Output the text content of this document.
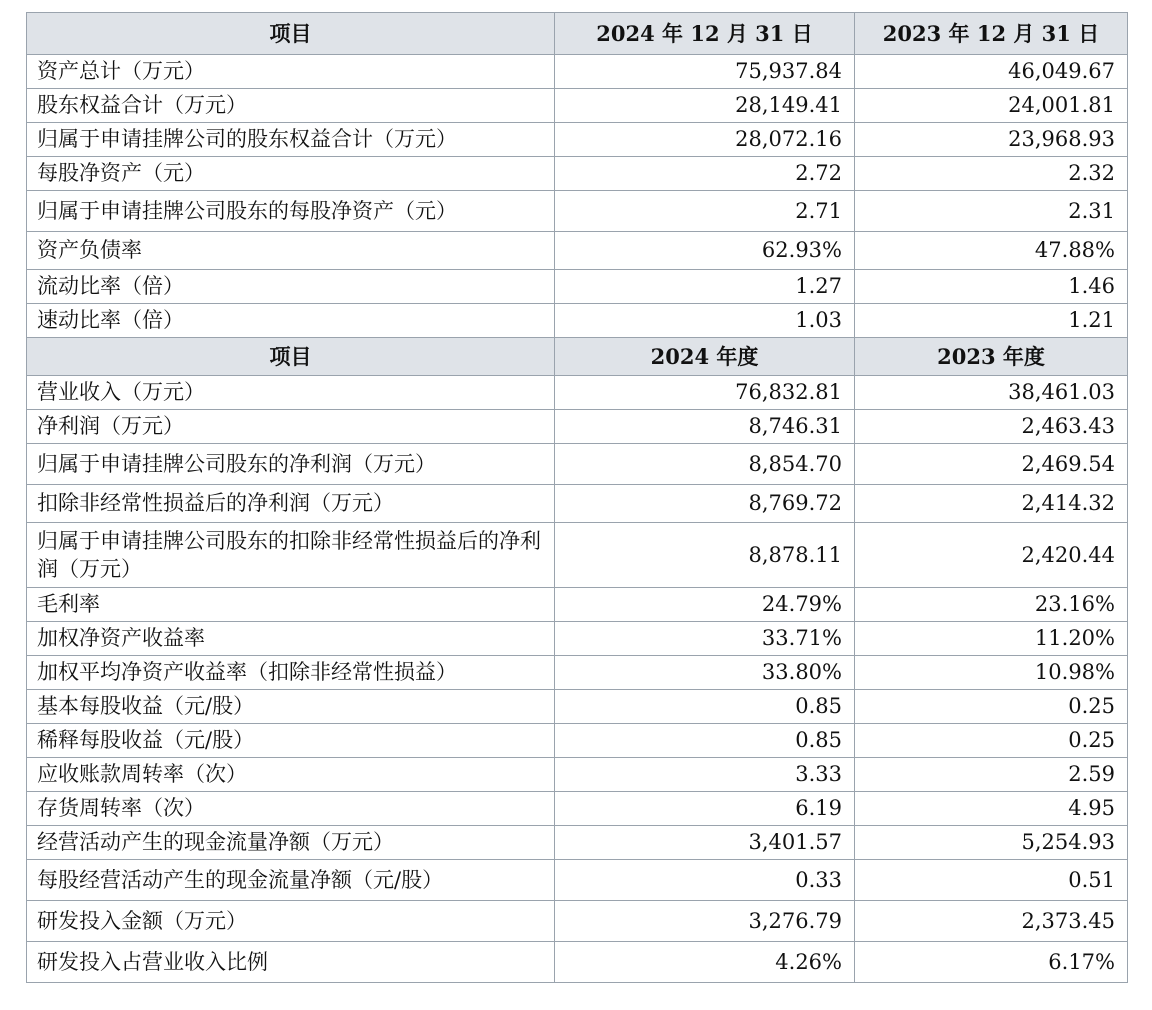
项目	2024 年 12 月 31 日	2023 年 12 月 31 日
资产总计（万元）	75,937.84	46,049.67
股东权益合计（万元）	28,149.41	24,001.81
归属于申请挂牌公司的股东权益合计（万元）	28,072.16	23,968.93
每股净资产（元）	2.72	2.32
归属于申请挂牌公司股东的每股净资产（元）	2.71	2.31
资产负债率	62.93%	47.88%
流动比率（倍）	1.27	1.46
速动比率（倍）	1.03	1.21
项目	2024 年度	2023 年度
营业收入（万元）	76,832.81	38,461.03
净利润（万元）	8,746.31	2,463.43
归属于申请挂牌公司股东的净利润（万元）	8,854.70	2,469.54
扣除非经常性损益后的净利润（万元）	8,769.72	2,414.32
归属于申请挂牌公司股东的扣除非经常性损益后的净利润（万元）	8,878.11	2,420.44
毛利率	24.79%	23.16%
加权净资产收益率	33.71%	11.20%
加权平均净资产收益率（扣除非经常性损益）	33.80%	10.98%
基本每股收益（元/股）	0.85	0.25
稀释每股收益（元/股）	0.85	0.25
应收账款周转率（次）	3.33	2.59
存货周转率（次）	6.19	4.95
经营活动产生的现金流量净额（万元）	3,401.57	5,254.93
每股经营活动产生的现金流量净额（元/股）	0.33	0.51
研发投入金额（万元）	3,276.79	2,373.45
研发投入占营业收入比例	4.26%	6.17%
